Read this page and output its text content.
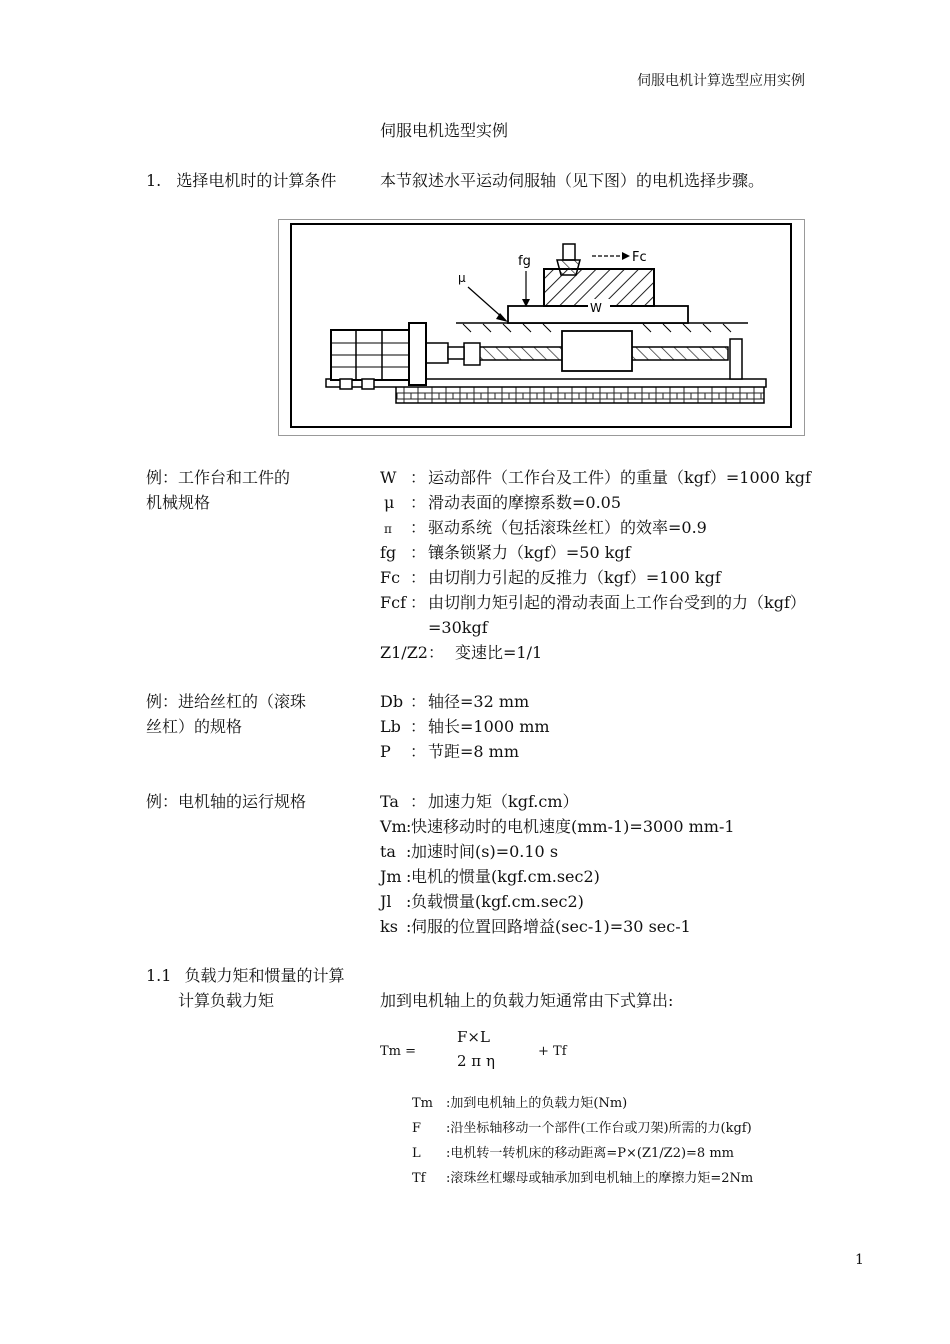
伺服电机计算选型应用实例
伺服电机选型实例
1. 选择电机时的计算条件	本节叙述水平运动伺服轴（见下图）的电机选择步骤。
W
Fc
fg
μ
例：工作台和工件的
机械规格
W ： 运动部件（工作台及工件）的重量（kgf）=1000 kgf
μ ： 滑动表面的摩擦系数=0.05
π ： 驱动系统（包括滚珠丝杠）的效率=0.9
fg ： 镶条锁紧力（kgf）=50 kgf
Fc ： 由切削力引起的反推力（kgf）=100 kgf
Fcf ： 由切削力矩引起的滑动表面上工作台受到的力（kgf）
=30kgf
Z1/Z2： 变速比=1/1
例：进给丝杠的（滚珠
丝杠）的规格
Db ： 轴径=32 mm
Lb ： 轴长=1000 mm
P ： 节距=8 mm
例：电机轴的运行规格	Ta ： 加速力矩（kgf.cm）
Vm:快速移动时的电机速度(mm-1)=3000 mm-1
ta :加速时间(s)=0.10 s
Jm :电机的惯量(kgf.cm.sec2)
Jl :负载惯量(kgf.cm.sec2)
ks :伺服的位置回路增益(sec-1)=30 sec-1
1.1 负载力矩和惯量的计算
计算负载力矩	加到电机轴上的负载力矩通常由下式算出:
Tm =
F×L
2 π η
+ Tf
Tm :加到电机轴上的负载力矩(Nm)
F :沿坐标轴移动一个部件(工作台或刀架)所需的力(kgf)
L :电机转一转机床的移动距离=P×(Z1/Z2)=8 mm
Tf :滚珠丝杠螺母或轴承加到电机轴上的摩擦力矩=2Nm
1
